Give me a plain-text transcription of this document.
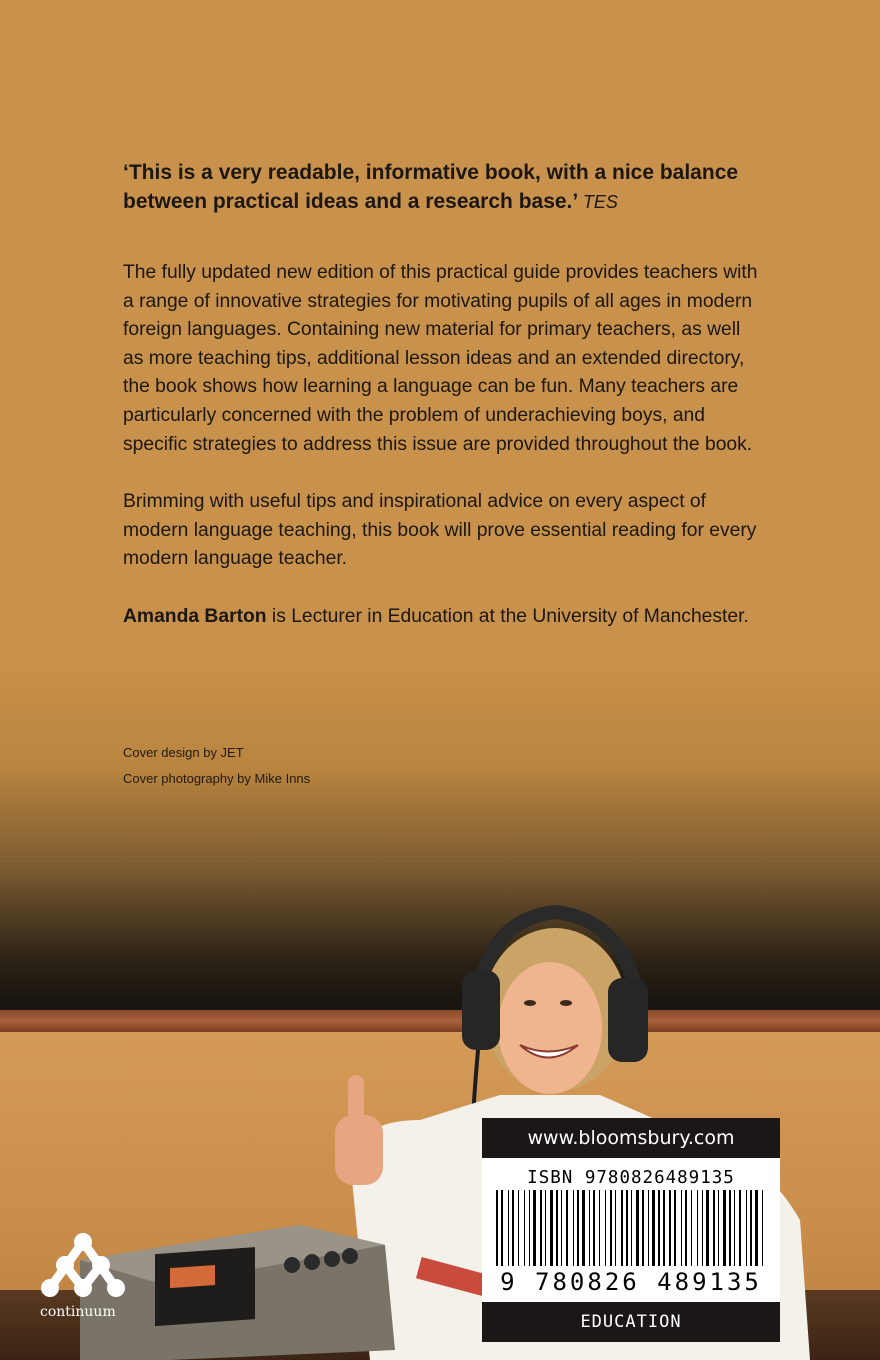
‘This is a very readable, informative book, with a nice balance between practical ideas and a research base.’ TES

The fully updated new edition of this practical guide provides teachers with a range of innovative strategies for motivating pupils of all ages in modern foreign languages. Containing new material for primary teachers, as well as more teaching tips, additional lesson ideas and an extended directory, the book shows how learning a language can be fun. Many teachers are particularly concerned with the problem of underachieving boys, and specific strategies to address this issue are provided throughout the book.

Brimming with useful tips and inspirational advice on every aspect of modern language teaching, this book will prove essential reading for every modern language teacher.

Amanda Barton is Lecturer in Education at the University of Manchester.

Cover design by JET
Cover photography by Mike Inns
continuum
www.bloomsbury.com
ISBN 9780826489135
9 780826 489135
EDUCATION
